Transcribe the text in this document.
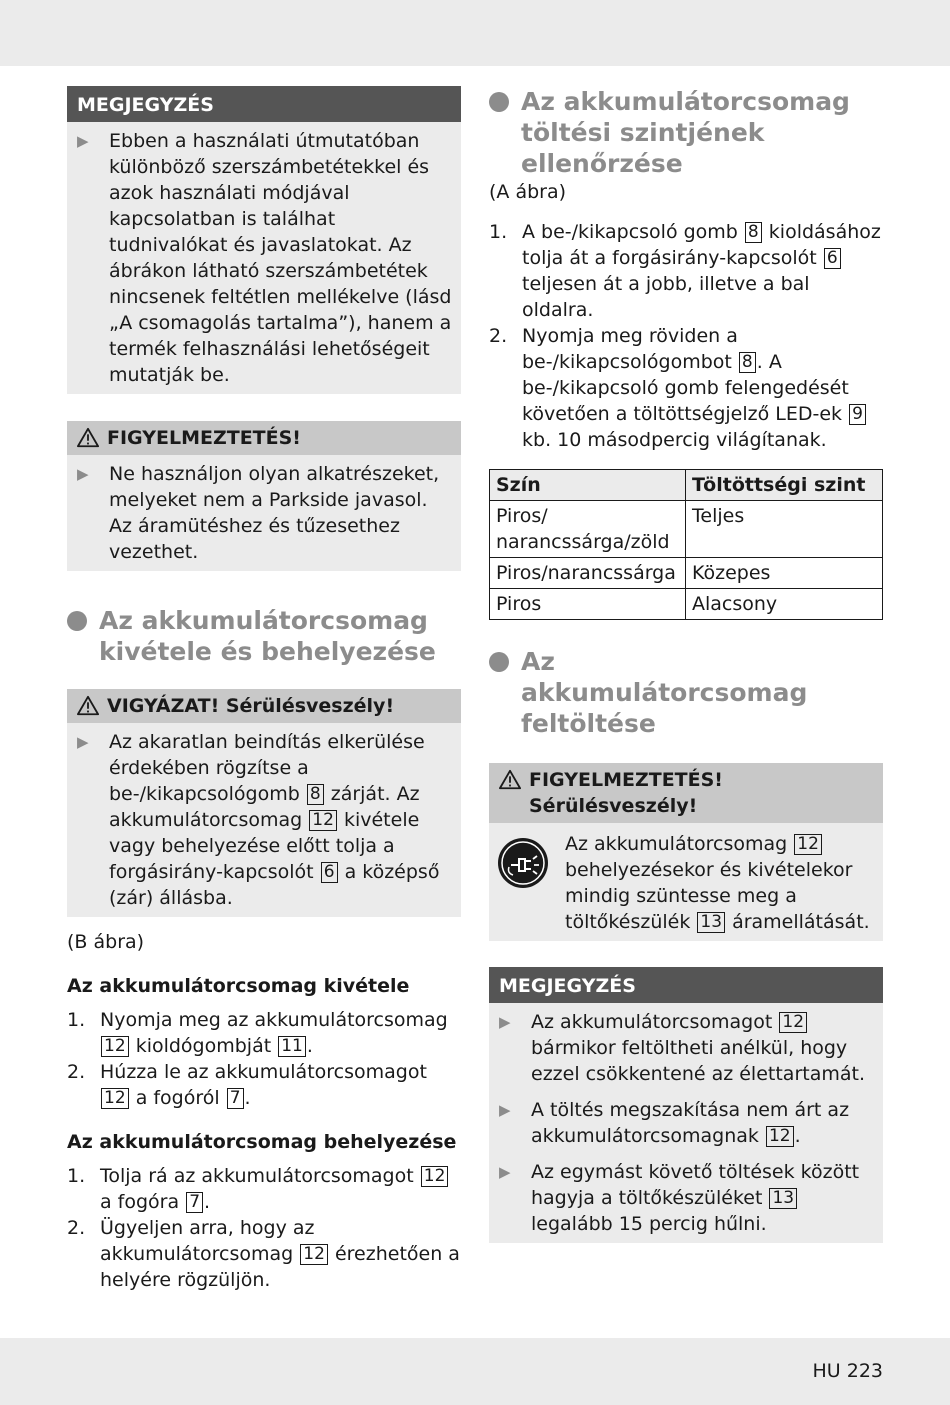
MEGJEGYZÉS
▶	Ebben a használati útmutatóban különböző szerszámbetétekkel és azok használati módjával kapcsolatban is találhat tudnivalókat és javaslatokat. Az ábrákon látható szerszámbetétek nincsenek feltétlen mellékelve (lásd „A csomagolás tartalma”), hanem a termék felhasználási lehetőségeit mutatják be.
FIGYELMEZTETÉS!
▶	Ne használjon olyan alkatrészeket, melyeket nem a Parkside javasol. Az áramütéshez és tűzesethez vezethet.
Az akkumulátorcsomag kivétele és behelyezése
VIGYÁZAT! Sérülésveszély!
▶	Az akaratlan beindítás elkerülése érdekében rögzítse a be-/kikapcsológomb 8 zárját. Az akkumulátorcsomag 12 kivétele vagy behelyezése előtt tolja a forgásirány-kapcsolót 6 a középső (zár) állásba.

(B ábra)

Az akkumulátorcsomag kivétele

1. Nyomja meg az akkumulátorcsomag 12 kioldógombját 11 .
2. Húzza le az akkumulátorcsomagot 12 a fogóról 7 .

Az akkumulátorcsomag behelyezése

1. Tolja rá az akkumulátorcsomagot 12 a fogóra 7 .
2. Ügyeljen arra, hogy az akkumulátorcsomag 12 érezhetően a helyére rögzüljön.
Az akkumulátorcsomag töltési szintjének ellenőrzése

(A ábra)

1. A be-/kikapcsoló gomb 8 kioldásához tolja át a forgásirány-kapcsolót 6 teljesen át a jobb, illetve a bal oldalra.
2. Nyomja meg röviden a be-/kikapcsológombot 8 . A be-/kikapcsoló gomb felengedését követően a töltöttségjelző LED-ek 9 kb. 10 másodpercig világítanak.
Szín	Töltöttségi szint
Piros/ narancssárga/zöld	Teljes
Piros/narancssárga	Közepes
Piros	Alacsony
Az akkumulátorcsomag feltöltése
FIGYELMEZTETÉS!
Sérülésveszély!

Az akkumulátorcsomag 12 behelyezésekor és kivételekor mindig szüntesse meg a töltőkészülék 13 áramellátását.

MEGJEGYZÉS
▶	Az akkumulátorcsomagot 12 bármikor feltöltheti anélkül, hogy ezzel csökkentené az élettartamát.
▶	A töltés megszakítása nem árt az akkumulátorcsomagnak 12 .
▶	Az egymást követő töltések között hagyja a töltőkészüléket 13 legalább 15 percig hűlni.
HU 223
